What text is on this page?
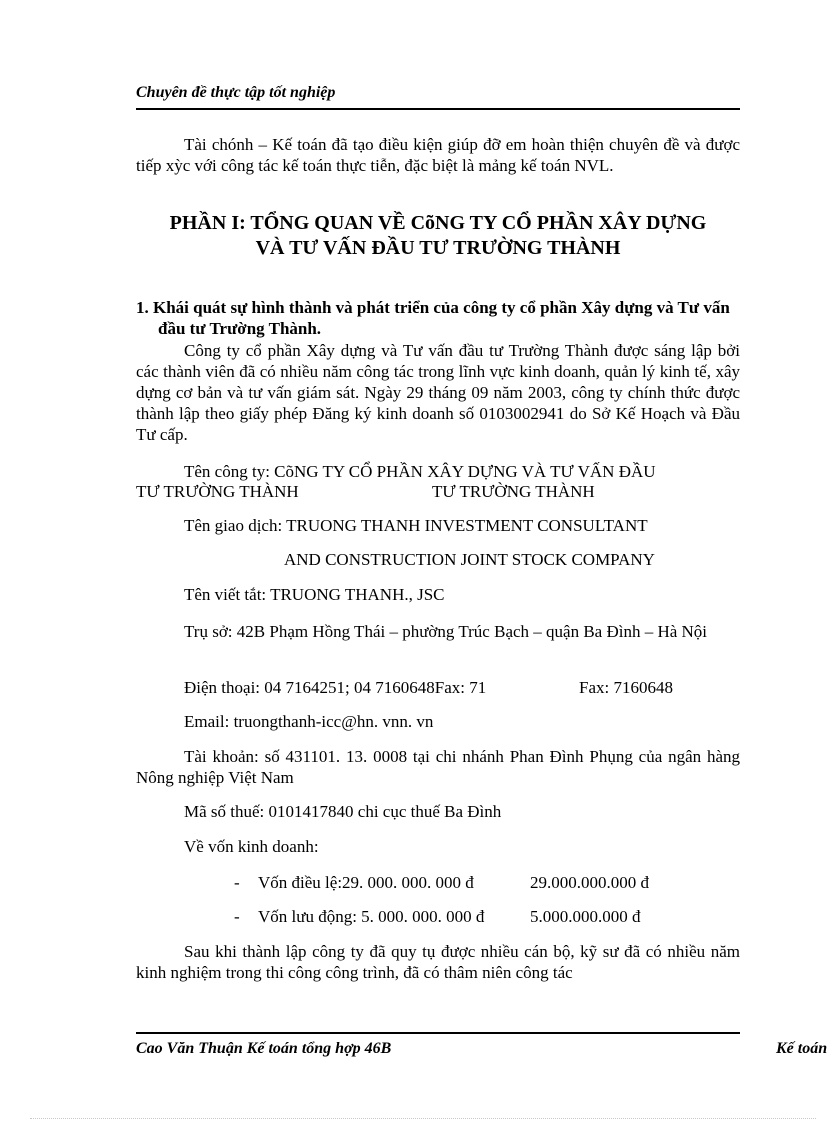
Chuyên đề thực tập tốt nghiệp
Tài chónh – Kế toán đã tạo điều kiện giúp đỡ em hoàn thiện chuyên đề và được tiếp xỳc với công tác kế toán thực tiễn, đặc biệt là mảng kế toán NVL.
PHẦN I: TỔNG QUAN VỀ CõNG TY CỔ PHẦN XÂY DỰNG
VÀ TƯ VẤN ĐẦU TƯ TRƯỜNG THÀNH
1. Khái quát sự hình thành và phát triển của công ty cổ phần Xây dựng và Tư vấn đầu tư Trường Thành.
Công ty cổ phần Xây dựng và Tư vấn đầu tư Trường Thành được sáng lập bởi các thành viên đã có nhiều năm công tác trong lĩnh vực kinh doanh, quản lý kinh tế, xây dựng cơ bản và tư vấn giám sát. Ngày 29 tháng 09 năm 2003, công ty chính thức được thành lập theo giấy phép Đăng ký kinh doanh số 0103002941 do Sở Kế Hoạch và Đầu Tư cấp.
Tên công ty: CõNG TY CỔ PHẦN XÂY DỰNG VÀ TƯ VẤN ĐẦU
TƯ TRƯỜNG THÀNH	TƯ TRƯỜNG THÀNH
Tên giao dịch: TRUONG THANH INVESTMENT CONSULTANT
AND CONSTRUCTION JOINT STOCK COMPANY
Tên viết tắt: TRUONG THANH., JSC
Trụ sở: 42B Phạm Hồng Thái – phường Trúc Bạch – quận Ba Đình – Hà Nội
Điện thoại: 04 7164251; 04 7160648Fax: 71	Fax: 7160648
Email: truongthanh-icc@hn. vnn. vn
Tài khoản: số 431101. 13. 0008 tại chi nhánh Phan Đình Phụng của ngân hàng Nông nghiệp Việt Nam
Mã số thuế: 0101417840 chi cục thuế Ba Đình
Về vốn kinh doanh:
- Vốn điều lệ:29. 000. 000. 000 đ	29.000.000.000 đ
- Vốn lưu động: 5. 000. 000. 000 đ	5.000.000.000 đ
Sau khi thành lập công ty đã quy tụ được nhiều cán bộ, kỹ sư đã có nhiều năm kinh nghiệm trong thi công công trình, đã có thâm niên công tác
Cao Văn Thuận Kế toán tổng hợp 46B	Kế toán
